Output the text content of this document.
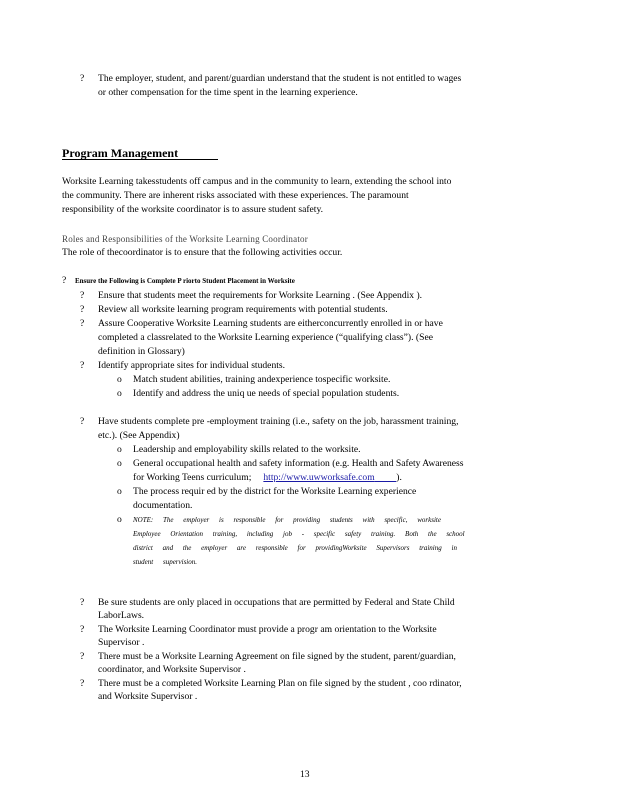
? The employer, student, and parent/guardian understand that the student is not entitled to wages
or other compensation for the time spent in the learning experience.
Program Management
Worksite Learning takesstudents off campus and in the community to learn, extending the school into
the community. There are inherent risks associated with these experiences. The paramount
responsibility of the worksite coordinator is to assure student safety.
Roles and Responsibilities of the Worksite Learning Coordinator
The role of thecoordinator is to ensure that the following activities occur.
? Ensure the Following is Complete P riorto Student Placement in Worksite
? Ensure that students meet the requirements for Worksite Learning . (See Appendix ).
? Review all worksite learning program requirements with potential students.
? Assure Cooperative Worksite Learning students are eitherconcurrently enrolled in or have
completed a classrelated to the Worksite Learning experience (“qualifying class”). (See
definition in Glossary)
? Identify appropriate sites for individual students.
o Match student abilities, training andexperience tospecific worksite.
o Identify and address the uniq ue needs of special population students.
? Have students complete pre -employment training (i.e., safety on the job, harassment training,
etc.). (See Appendix)
o Leadership and employability skills related to the worksite.
o General occupational health and safety information (e.g. Health and Safety Awareness
for Working Teens curriculum; http://www.uwworksafe.com ).
o The process requir ed by the district for the Worksite Learning experience
documentation.
o NOTE: The employer is responsible for providing students with specific, worksite
Employee Orientation training, including job - specific safety training. Both the school
district and the employer are responsible for providingWorksite Supervisors training in
student supervision.
? Be sure students are only placed in occupations that are permitted by Federal and State Child
LaborLaws.
? The Worksite Learning Coordinator must provide a progr am orientation to the Worksite
Supervisor .
? There must be a Worksite Learning Agreement on file signed by the student, parent/guardian,
coordinator, and Worksite Supervisor .
? There must be a completed Worksite Learning Plan on file signed by the student , coo rdinator,
and Worksite Supervisor .
13
